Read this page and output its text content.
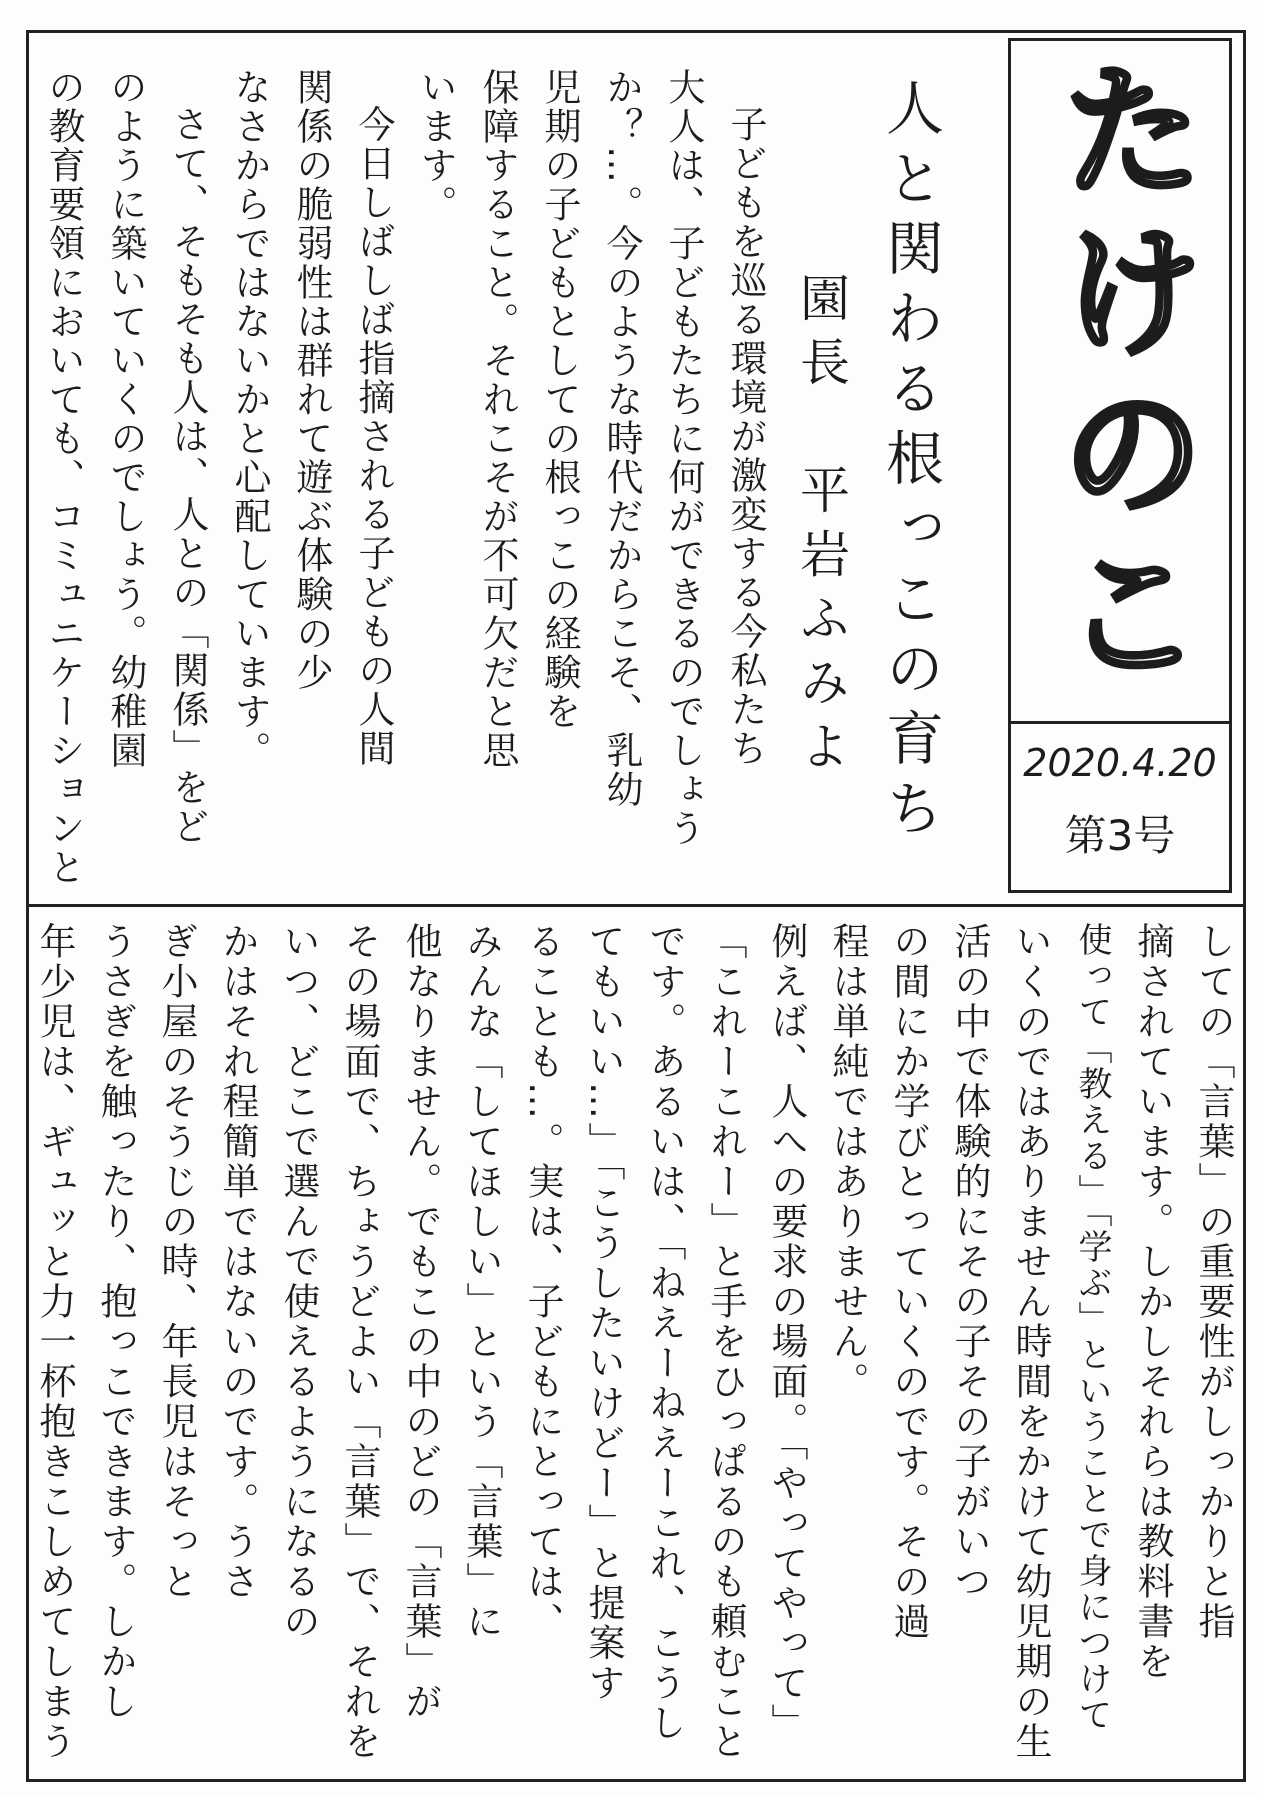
たけのこ
2020.4.20
第3号
人と関わる根っこの育ち
園長　平岩ふみよ
子どもを巡る環境が激変する今私たち
大人は、子どもたちに何ができるのでしょう
か？…。今のような時代だからこそ、乳幼
児期の子どもとしての根っこの経験を
保障すること。それこそが不可欠だと思
います。
今日しばしば指摘される子どもの人間
関係の脆弱性は群れて遊ぶ体験の少
なさからではないかと心配しています。
さて、そもそも人は、人との「関係」をど
のように築いていくのでしょう。幼稚園
の教育要領においても、コミュニケーションと
しての「言葉」の重要性がしっかりと指
摘されています。しかしそれらは教料書を
使って「教える」「学ぶ」ということで身につけて
いくのではありません時間をかけて幼児期の生
活の中で体験的にその子その子がいつ
の間にか学びとっていくのです。その過
程は単純ではありません。
例えば、人への要求の場面。「やってやって」
「これーこれー」と手をひっぱるのも頼むこと
です。あるいは、「ねえーねえーこれ、こうし
てもいい…」「こうしたいけどー」と提案す
ることも…。実は、子どもにとっては、
みんな「してほしい」という「言葉」に
他なりません。でもこの中のどの「言葉」が
その場面で、ちょうどよい「言葉」で、それを
いつ、どこで選んで使えるようになるの
かはそれ程簡単ではないのです。うさ
ぎ小屋のそうじの時、年長児はそっと
うさぎを触ったり、抱っこできます。しかし
年少児は、ギュッと力一杯抱きこしめてしまう
